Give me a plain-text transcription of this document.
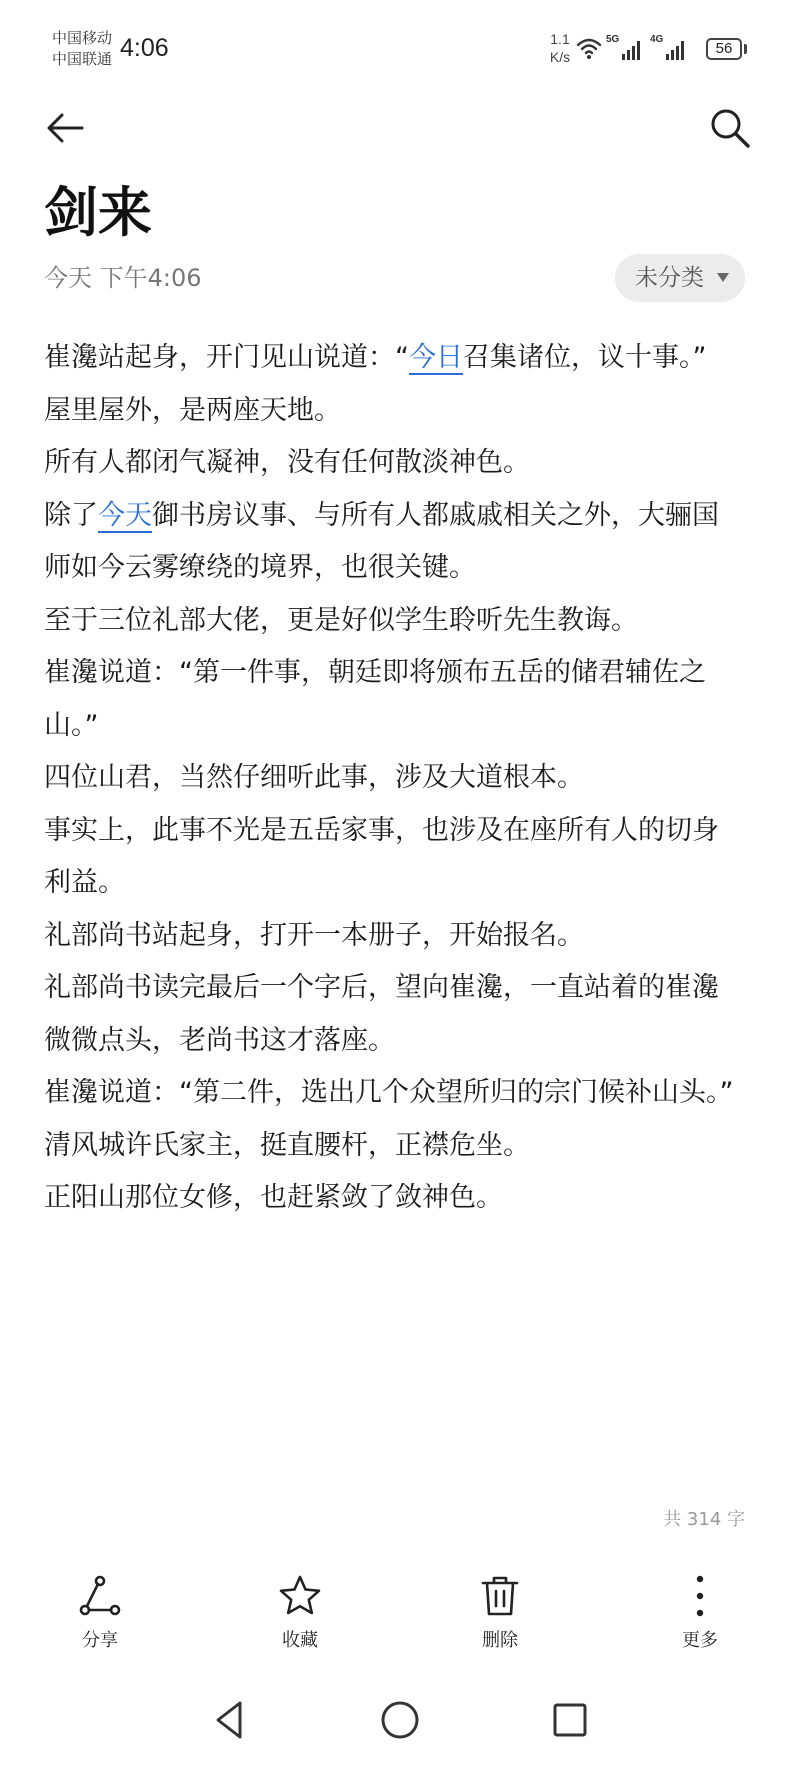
中国移动
中国联通 4:06	1.1
K/s
5G	4G
56
剑来
今天 下午4:06	未分类

崔瀺站起身，开门见山说道：“今日召集诸位，议十事。”

屋里屋外，是两座天地。

所有人都闭气凝神，没有任何散淡神色。

除了今天御书房议事、与所有人都戚戚相关之外，大骊国师如今云雾缭绕的境界，也很关键。

至于三位礼部大佬，更是好似学生聆听先生教诲。

崔瀺说道：“第一件事，朝廷即将颁布五岳的储君辅佐之山。”

四位山君，当然仔细听此事，涉及大道根本。

事实上，此事不光是五岳家事，也涉及在座所有人的切身利益。

礼部尚书站起身，打开一本册子，开始报名。

礼部尚书读完最后一个字后，望向崔瀺，一直站着的崔瀺微微点头，老尚书这才落座。

崔瀺说道：“第二件，选出几个众望所归的宗门候补山头。”

清风城许氏家主，挺直腰杆，正襟危坐。

正阳山那位女修，也赶紧敛了敛神色。

共 314 字
分享	收藏	删除	更多
